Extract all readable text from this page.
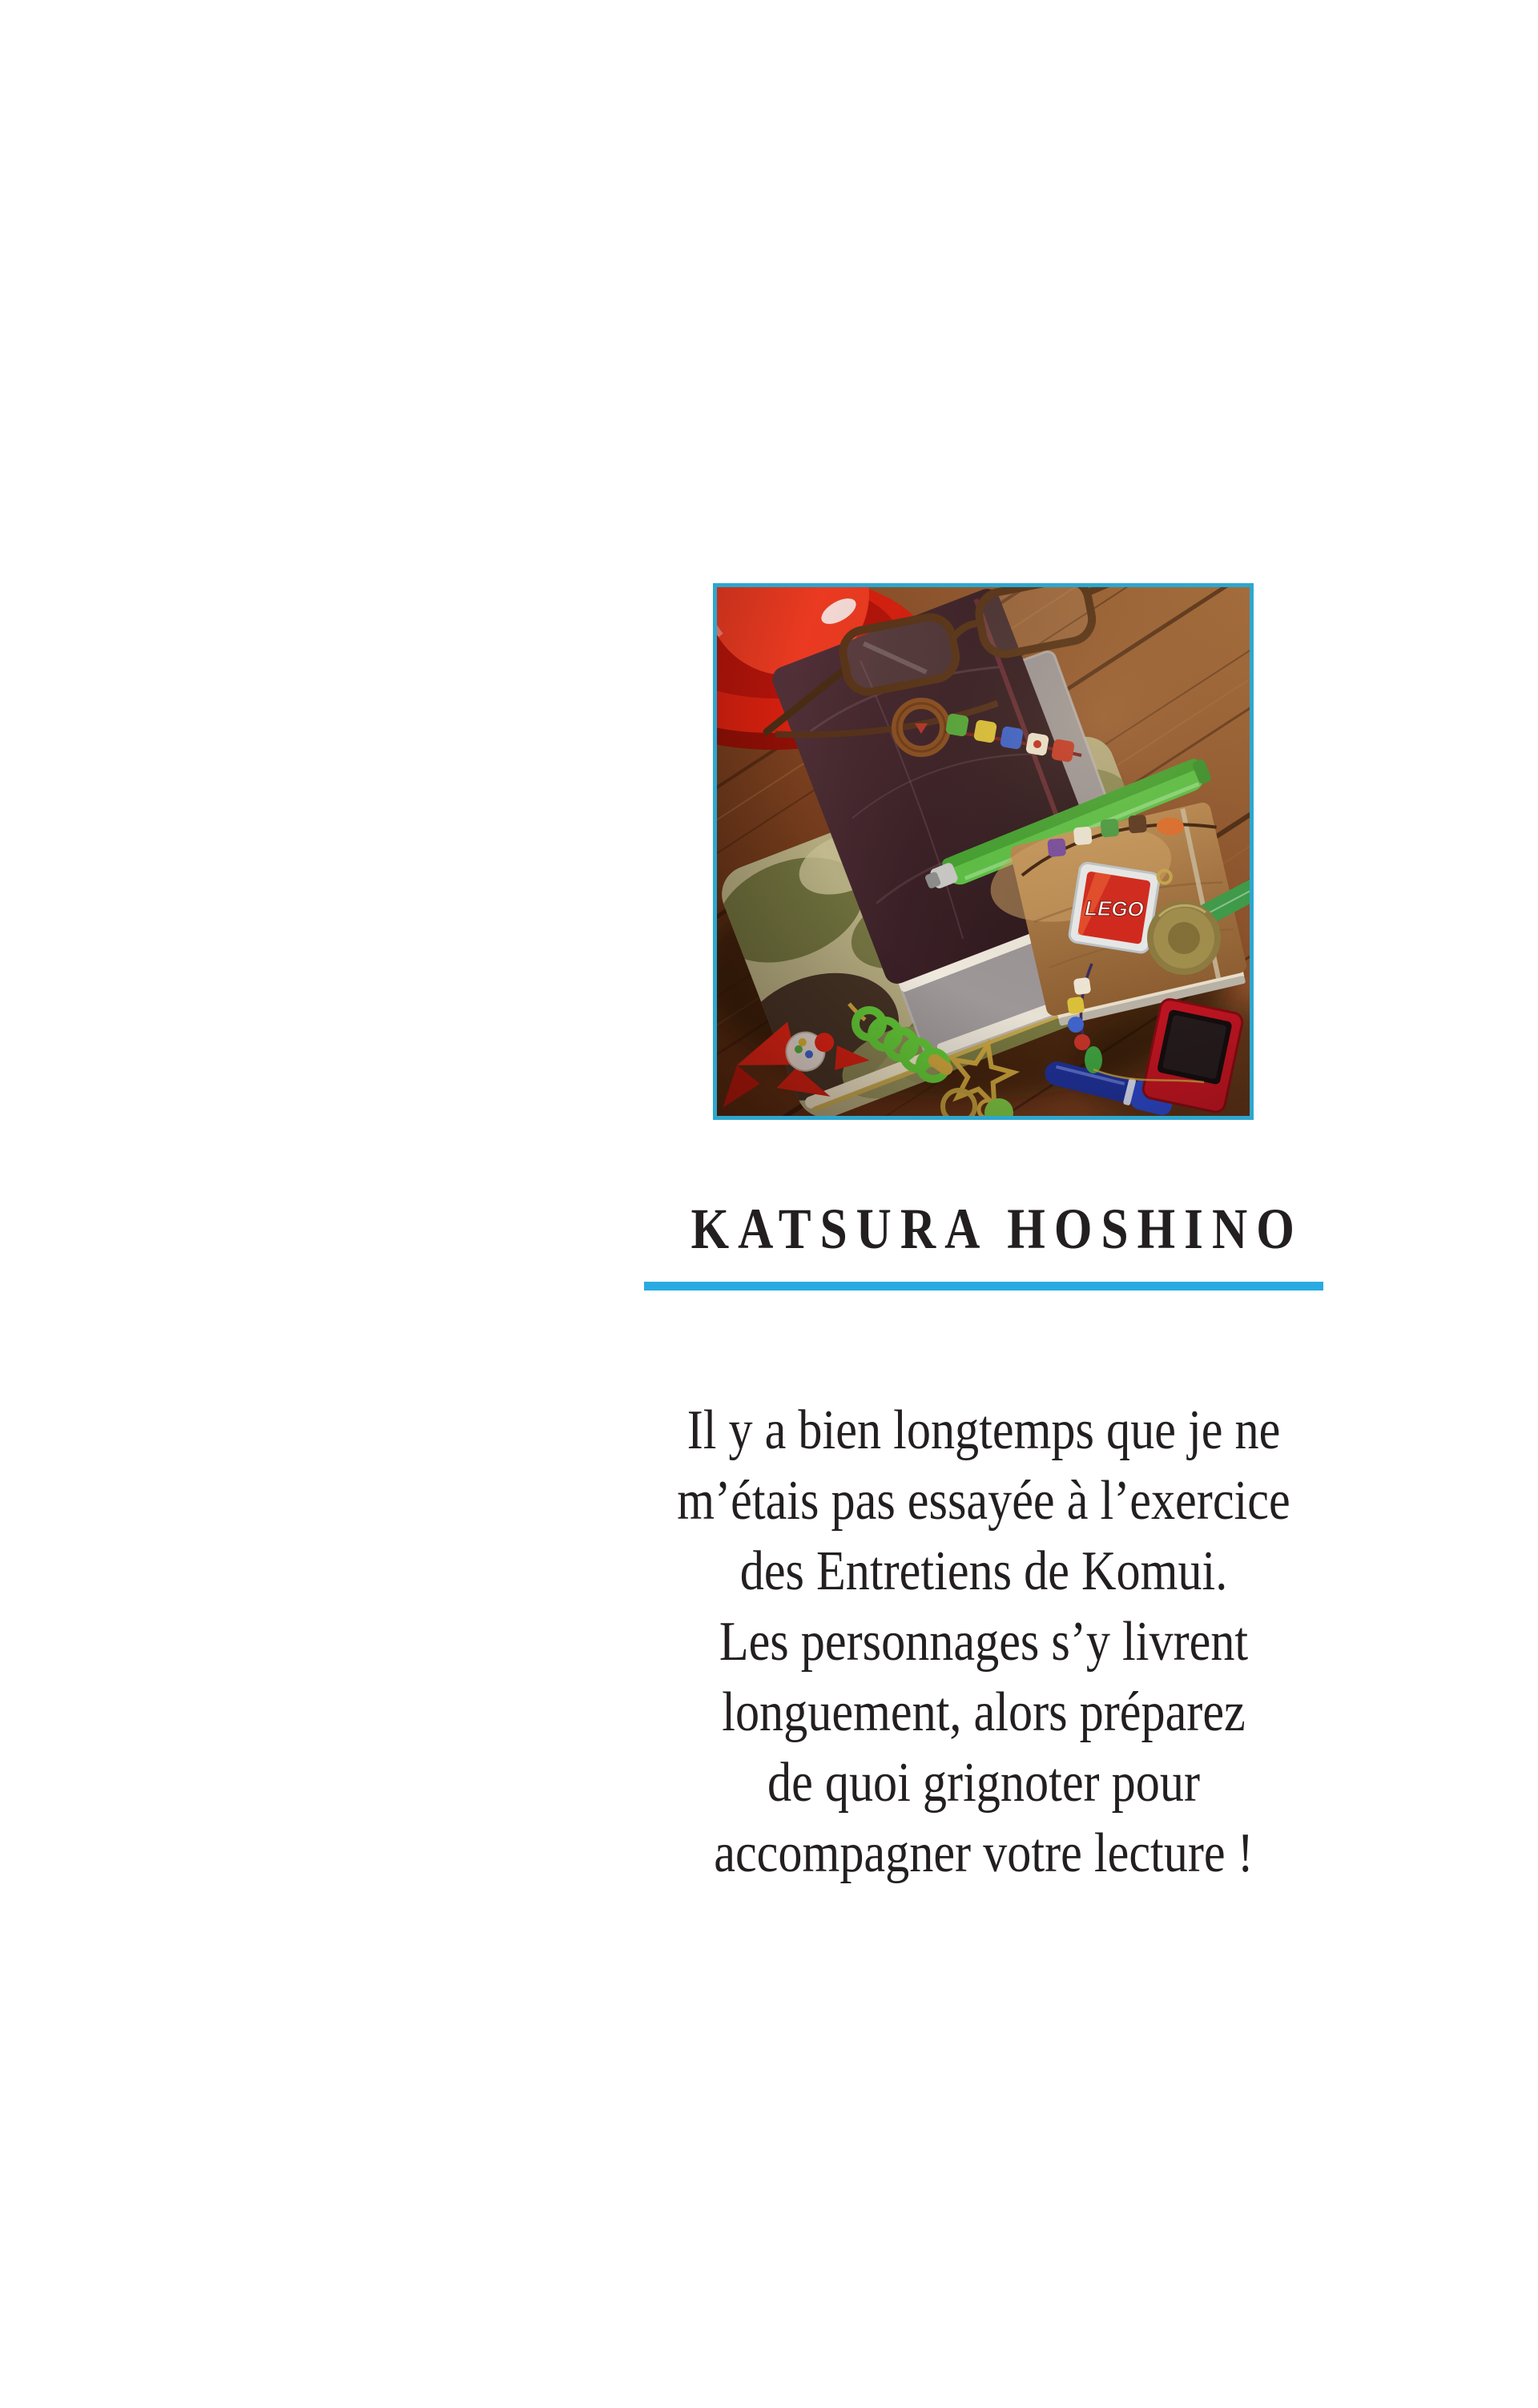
KATSURA HOSHINO

Il y a bien longtemps que je ne

m’étais pas essayée à l’exercice

des Entretiens de Komui.

Les personnages s’y livrent

longuement, alors préparez

de quoi grignoter pour

accompagner votre lecture !
